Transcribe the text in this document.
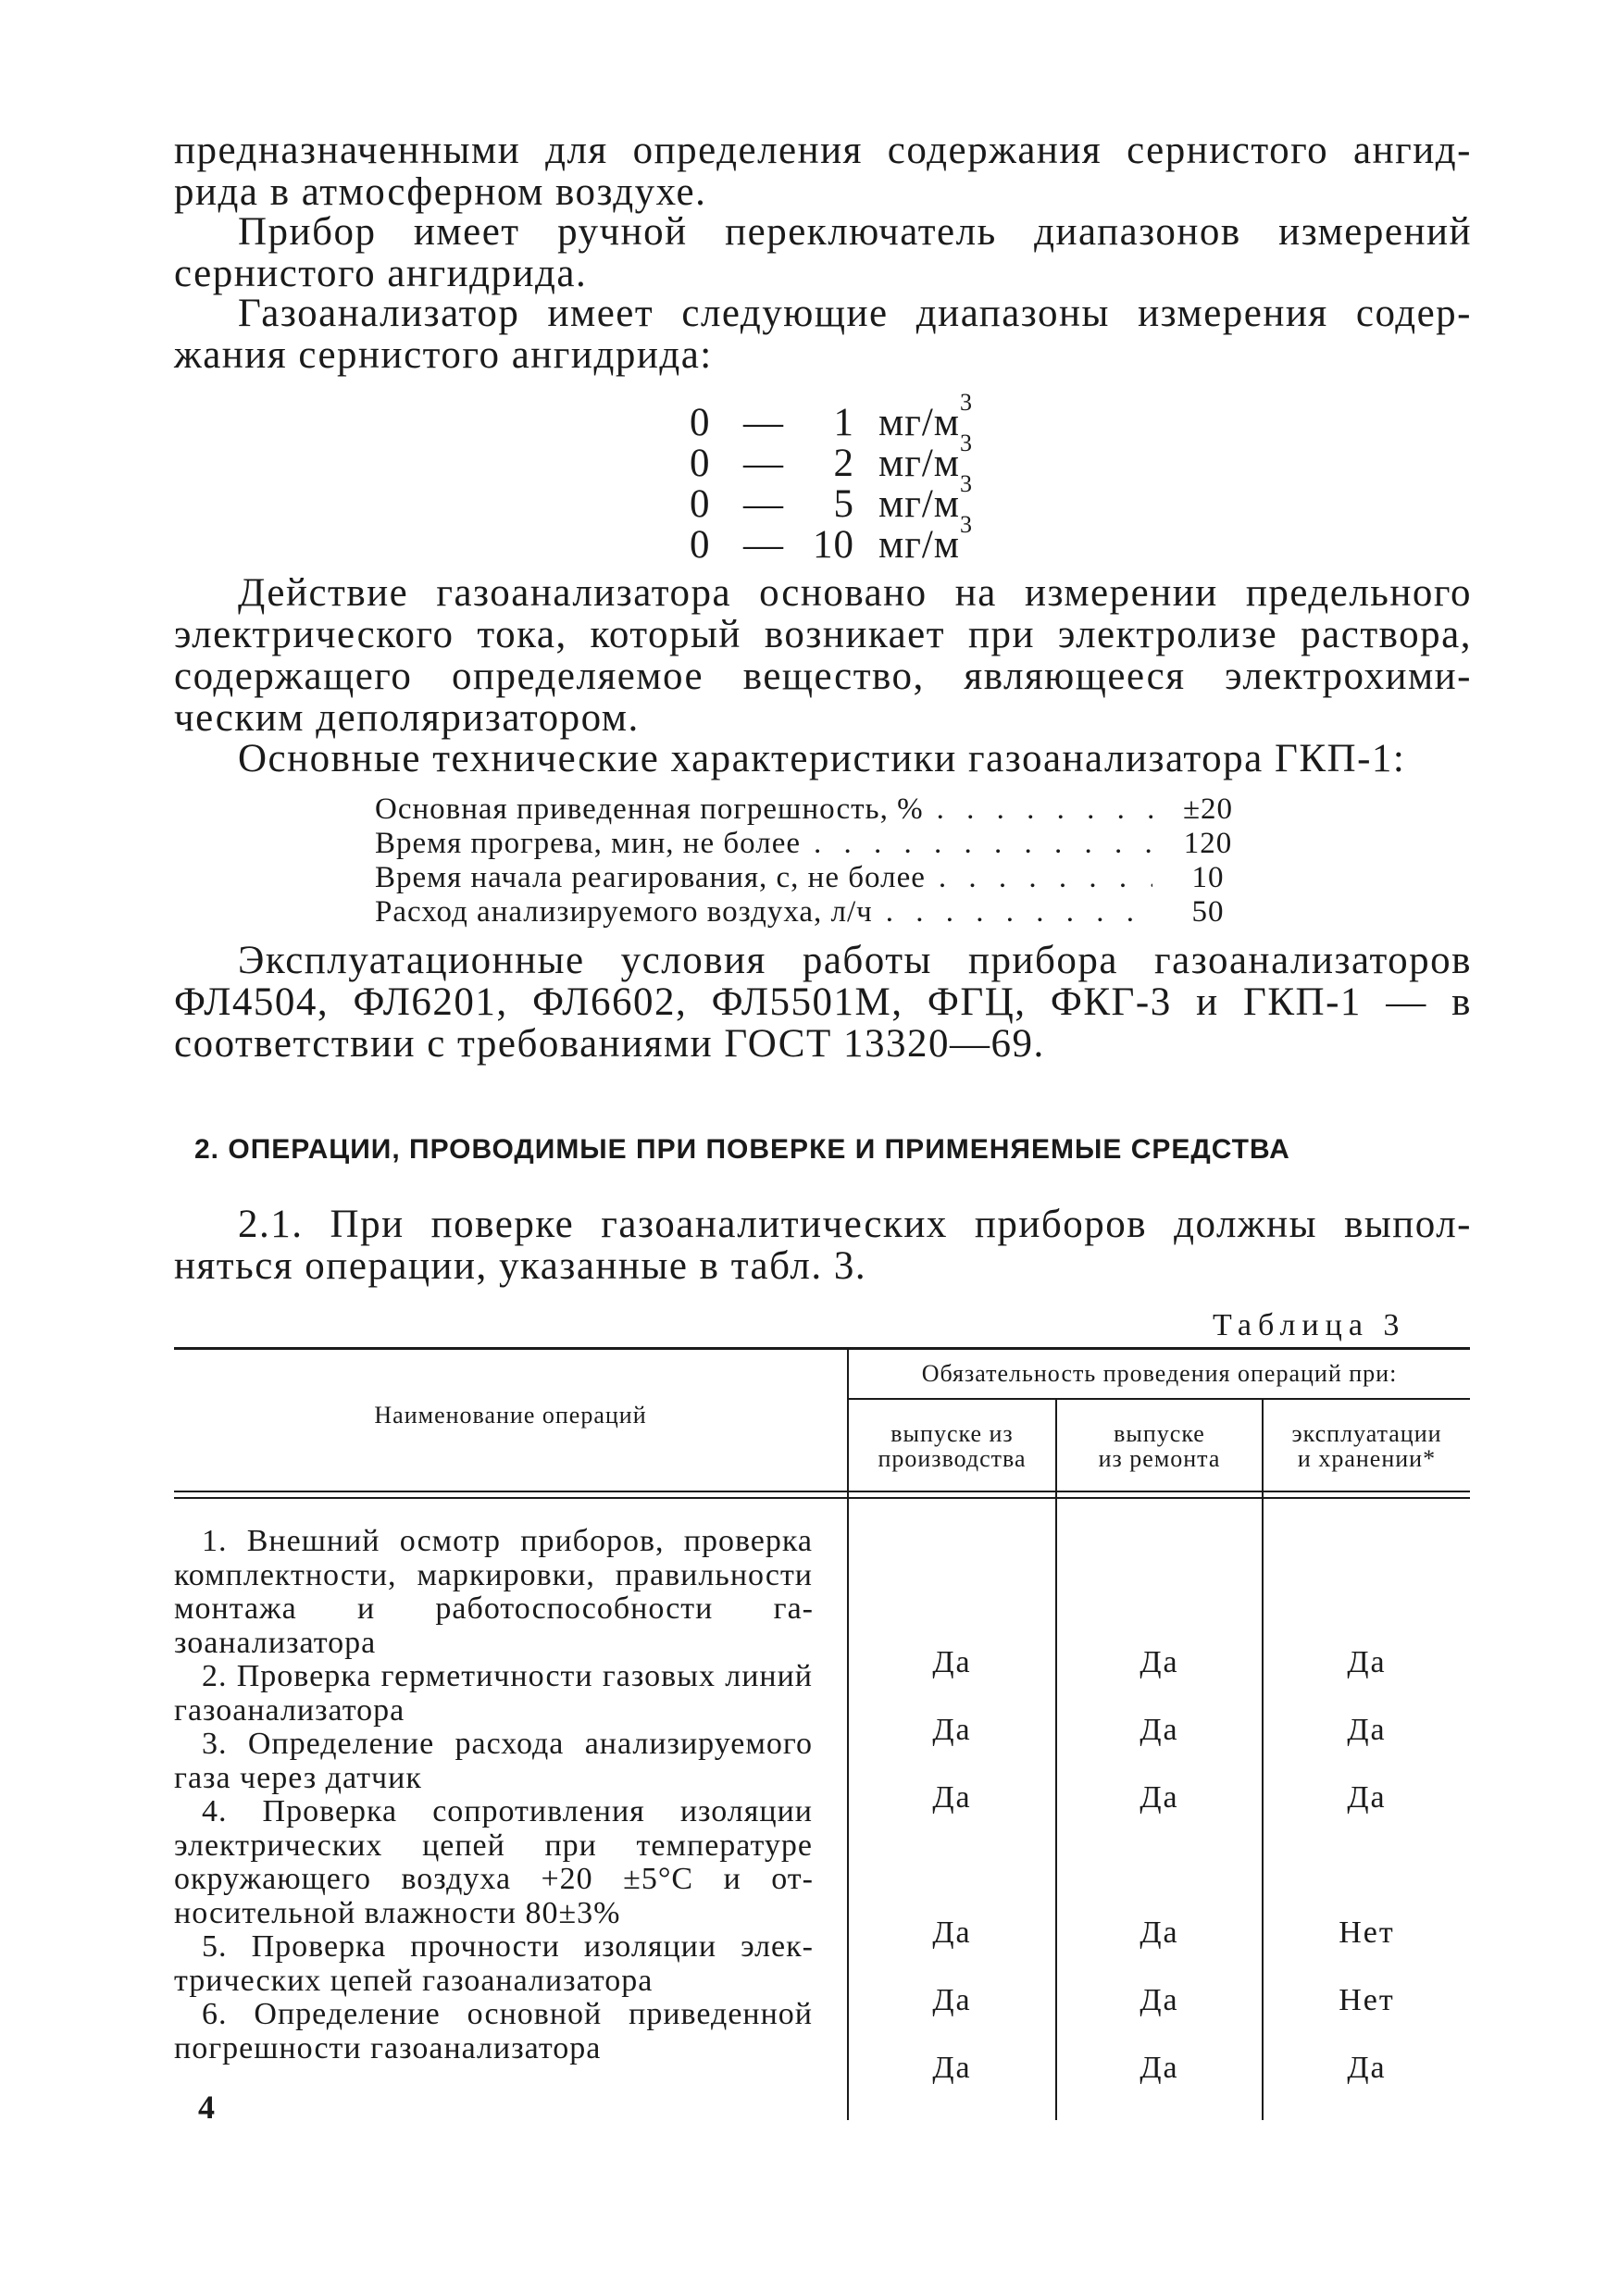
предназначенными для определения содержания сернистого ангид-
рида в атмосферном воздухе.
Прибор имеет ручной переключатель диапазонов измерений
сернистого ангидрида.
Газоанализатор имеет следующие диапазоны измерения содер-
жания сернистого ангидрида:
0 —	1 мг/м 3
0 —	2 мг/м 3
0 —	5 мг/м 3
0 — 10 мг/м 3
Действие газоанализатора основано на измерении предельного
электрического тока, который возникает при электролизе раствора,
содержащего определяемое вещество, являющееся электрохими-
ческим деполяризатором.
Основные технические характеристики газоанализатора ГКП-1:
Основная приведенная погрешность, % . . .	±20
Время прогрева, мин, не более . . .	120
Время начала реагирования, с, не более . . .	10
Расход анализируемого воздуха, л/ч . . .	50
Эксплуатационные условия работы прибора газоанализаторов
ФЛ4504, ФЛ6201, ФЛ6602, ФЛ5501М, ФГЦ, ФКГ-3 и ГКП-1 — в
соответствии с требованиями ГОСТ 13320—69.
2. ОПЕРАЦИИ, ПРОВОДИМЫЕ ПРИ ПОВЕРКЕ И ПРИМЕНЯЕМЫЕ СРЕДСТВА
2.1. При поверке газоаналитических приборов должны выпол-
няться операции, указанные в табл. 3.
Таблица 3
Наименование операций
Обязательность проведения операций при:
выпуске из
производства
выпуске
из ремонта
эксплуатации
и хранении*
1. Внешний осмотр приборов, проверка комплектности, маркировки, правильности монтажа и работоспособности газоанализатора
Да	Да	Да
2. Проверка герметичности газовых линий газоанализатора
Да	Да	Да
3. Определение расхода анализируемого газа через датчик
Да	Да	Да
4. Проверка сопротивления изоляции электрических цепей при температуре окружающего воздуха +20 ±5°С и относительной влажности 80±3%
Да	Да	Нет
5. Проверка прочности изоляции электрических цепей газоанализатора
Да	Да	Нет
6. Определение основной приведенной погрешности газоанализатора
Да	Да	Да
4
